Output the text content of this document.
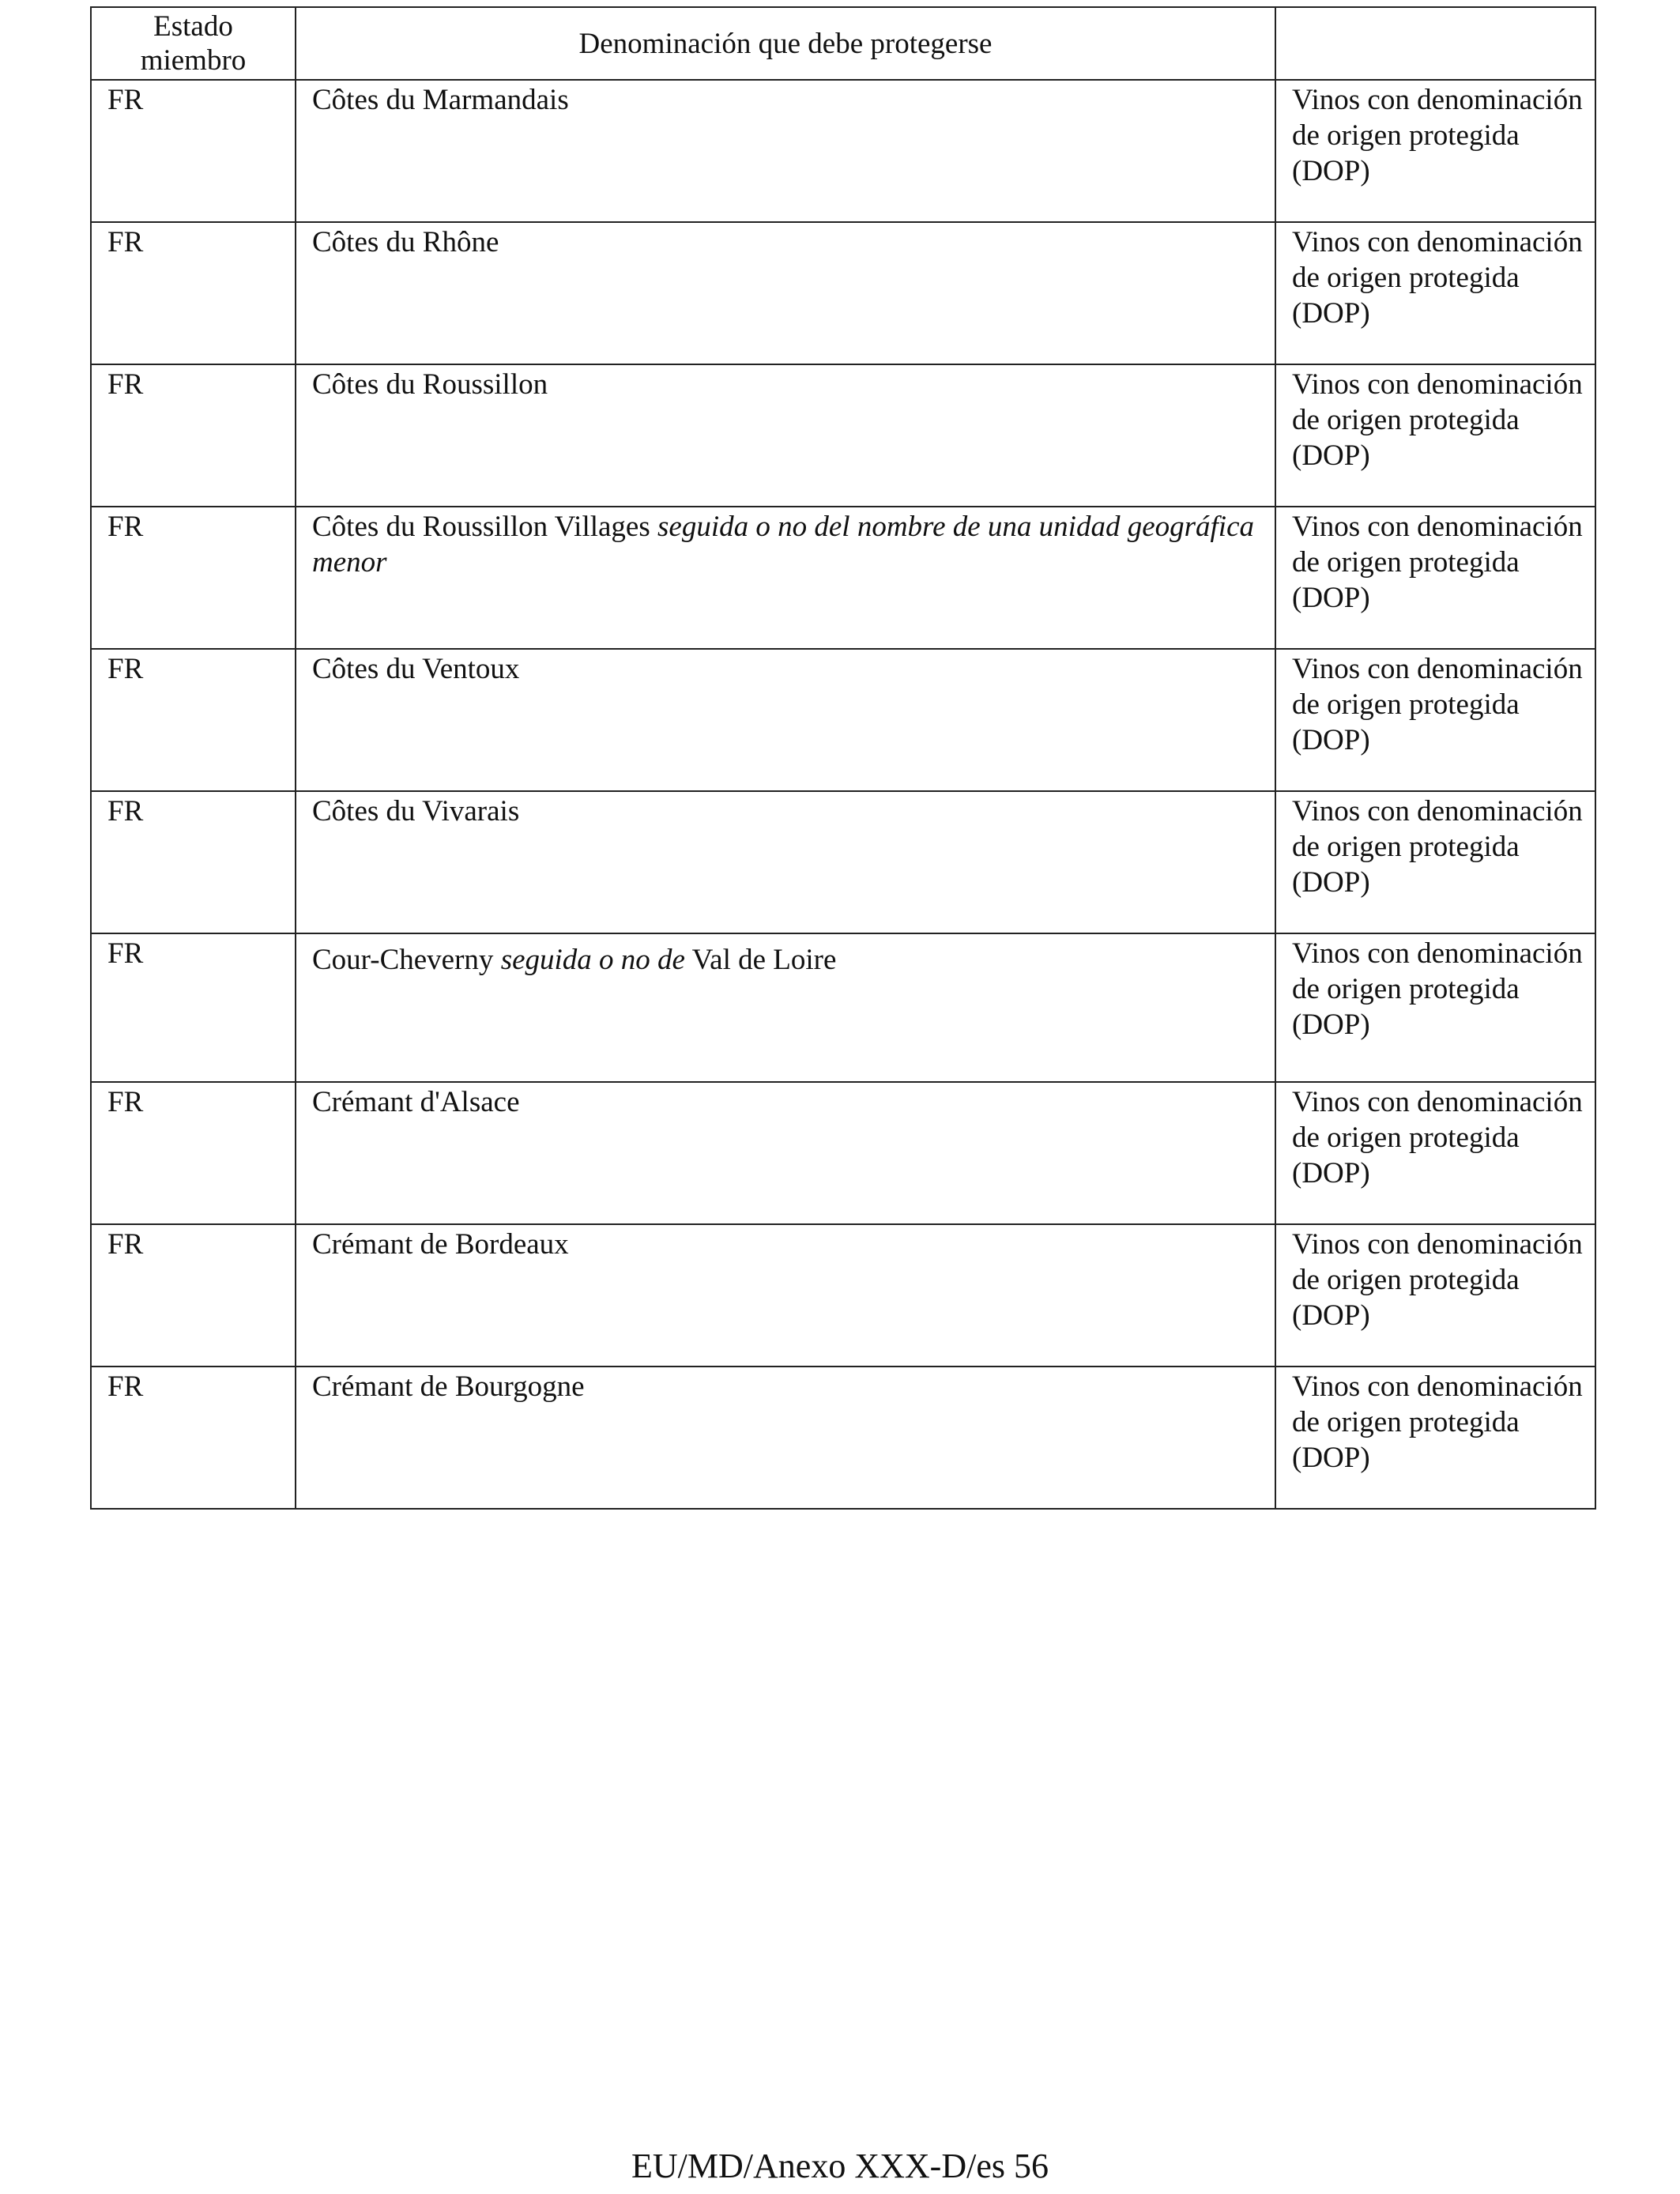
Estado miembro	Denominación que debe protegerse	
FR	Côtes du Marmandais	Vinos con denominación de origen protegida (DOP)
FR	Côtes du Rhône	Vinos con denominación de origen protegida (DOP)
FR	Côtes du Roussillon	Vinos con denominación de origen protegida (DOP)
FR	Côtes du Roussillon Villages seguida o no del nombre de una unidad geográfica menor	Vinos con denominación de origen protegida (DOP)
FR	Côtes du Ventoux	Vinos con denominación de origen protegida (DOP)
FR	Côtes du Vivarais	Vinos con denominación de origen protegida (DOP)
FR	Cour-Cheverny seguida o no de Val de Loire	Vinos con denominación de origen protegida (DOP)
FR	Crémant d'Alsace	Vinos con denominación de origen protegida (DOP)
FR	Crémant de Bordeaux	Vinos con denominación de origen protegida (DOP)
FR	Crémant de Bourgogne	Vinos con denominación de origen protegida (DOP)
EU/MD/Anexo XXX-D/es 56
